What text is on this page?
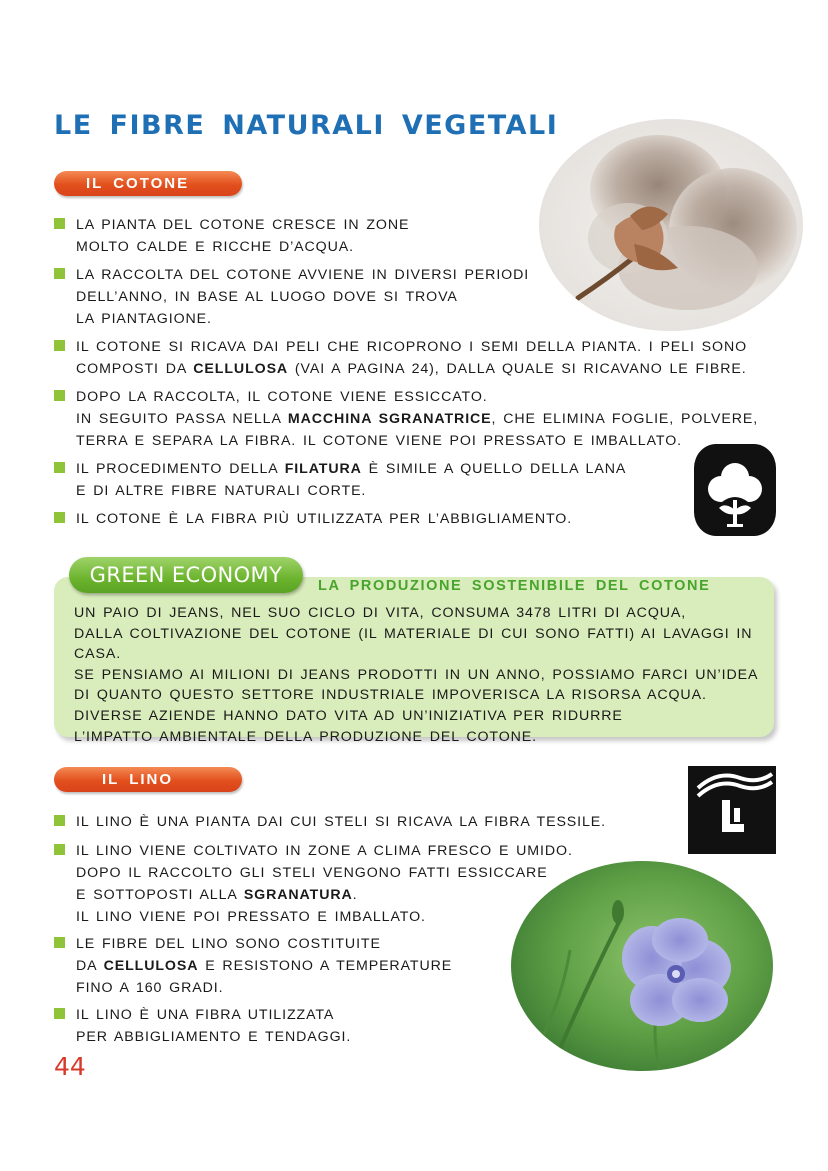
LE FIBRE NATURALI VEGETALI
IL COTONE
LA PIANTA DEL COTONE CRESCE IN ZONE
MOLTO CALDE E RICCHE D’ACQUA.
LA RACCOLTA DEL COTONE AVVIENE IN DIVERSI PERIODI
DELL’ANNO, IN BASE AL LUOGO DOVE SI TROVA
LA PIANTAGIONE.
IL COTONE SI RICAVA DAI PELI CHE RICOPRONO I SEMI DELLA PIANTA. I PELI SONO
COMPOSTI DA CELLULOSA (VAI A PAGINA 24), DALLA QUALE SI RICAVANO LE FIBRE.
DOPO LA RACCOLTA, IL COTONE VIENE ESSICCATO.
IN SEGUITO PASSA NELLA MACCHINA SGRANATRICE, CHE ELIMINA FOGLIE, POLVERE,
TERRA E SEPARA LA FIBRA. IL COTONE VIENE POI PRESSATO E IMBALLATO.
IL PROCEDIMENTO DELLA FILATURA È SIMILE A QUELLO DELLA LANA
E DI ALTRE FIBRE NATURALI CORTE.
IL COTONE È LA FIBRA PIÙ UTILIZZATA PER L’ABBIGLIAMENTO.
GREEN ECONOMY	LA PRODUZIONE SOSTENIBILE DEL COTONE
UN PAIO DI JEANS, NEL SUO CICLO DI VITA, CONSUMA 3478 LITRI DI ACQUA,
DALLA COLTIVAZIONE DEL COTONE (IL MATERIALE DI CUI SONO FATTI) AI LAVAGGI IN CASA.
SE PENSIAMO AI MILIONI DI JEANS PRODOTTI IN UN ANNO, POSSIAMO FARCI UN’IDEA
DI QUANTO QUESTO SETTORE INDUSTRIALE IMPOVERISCA LA RISORSA ACQUA.
DIVERSE AZIENDE HANNO DATO VITA AD UN’INIZIATIVA PER RIDURRE
L’IMPATTO AMBIENTALE DELLA PRODUZIONE DEL COTONE.
IL LINO
IL LINO È UNA PIANTA DAI CUI STELI SI RICAVA LA FIBRA TESSILE.
IL LINO VIENE COLTIVATO IN ZONE A CLIMA FRESCO E UMIDO.
DOPO IL RACCOLTO GLI STELI VENGONO FATTI ESSICCARE
E SOTTOPOSTI ALLA SGRANATURA.
IL LINO VIENE POI PRESSATO E IMBALLATO.
LE FIBRE DEL LINO SONO COSTITUITE
DA CELLULOSA E RESISTONO A TEMPERATURE
FINO A 160 GRADI.
IL LINO È UNA FIBRA UTILIZZATA
PER ABBIGLIAMENTO E TENDAGGI.
44
